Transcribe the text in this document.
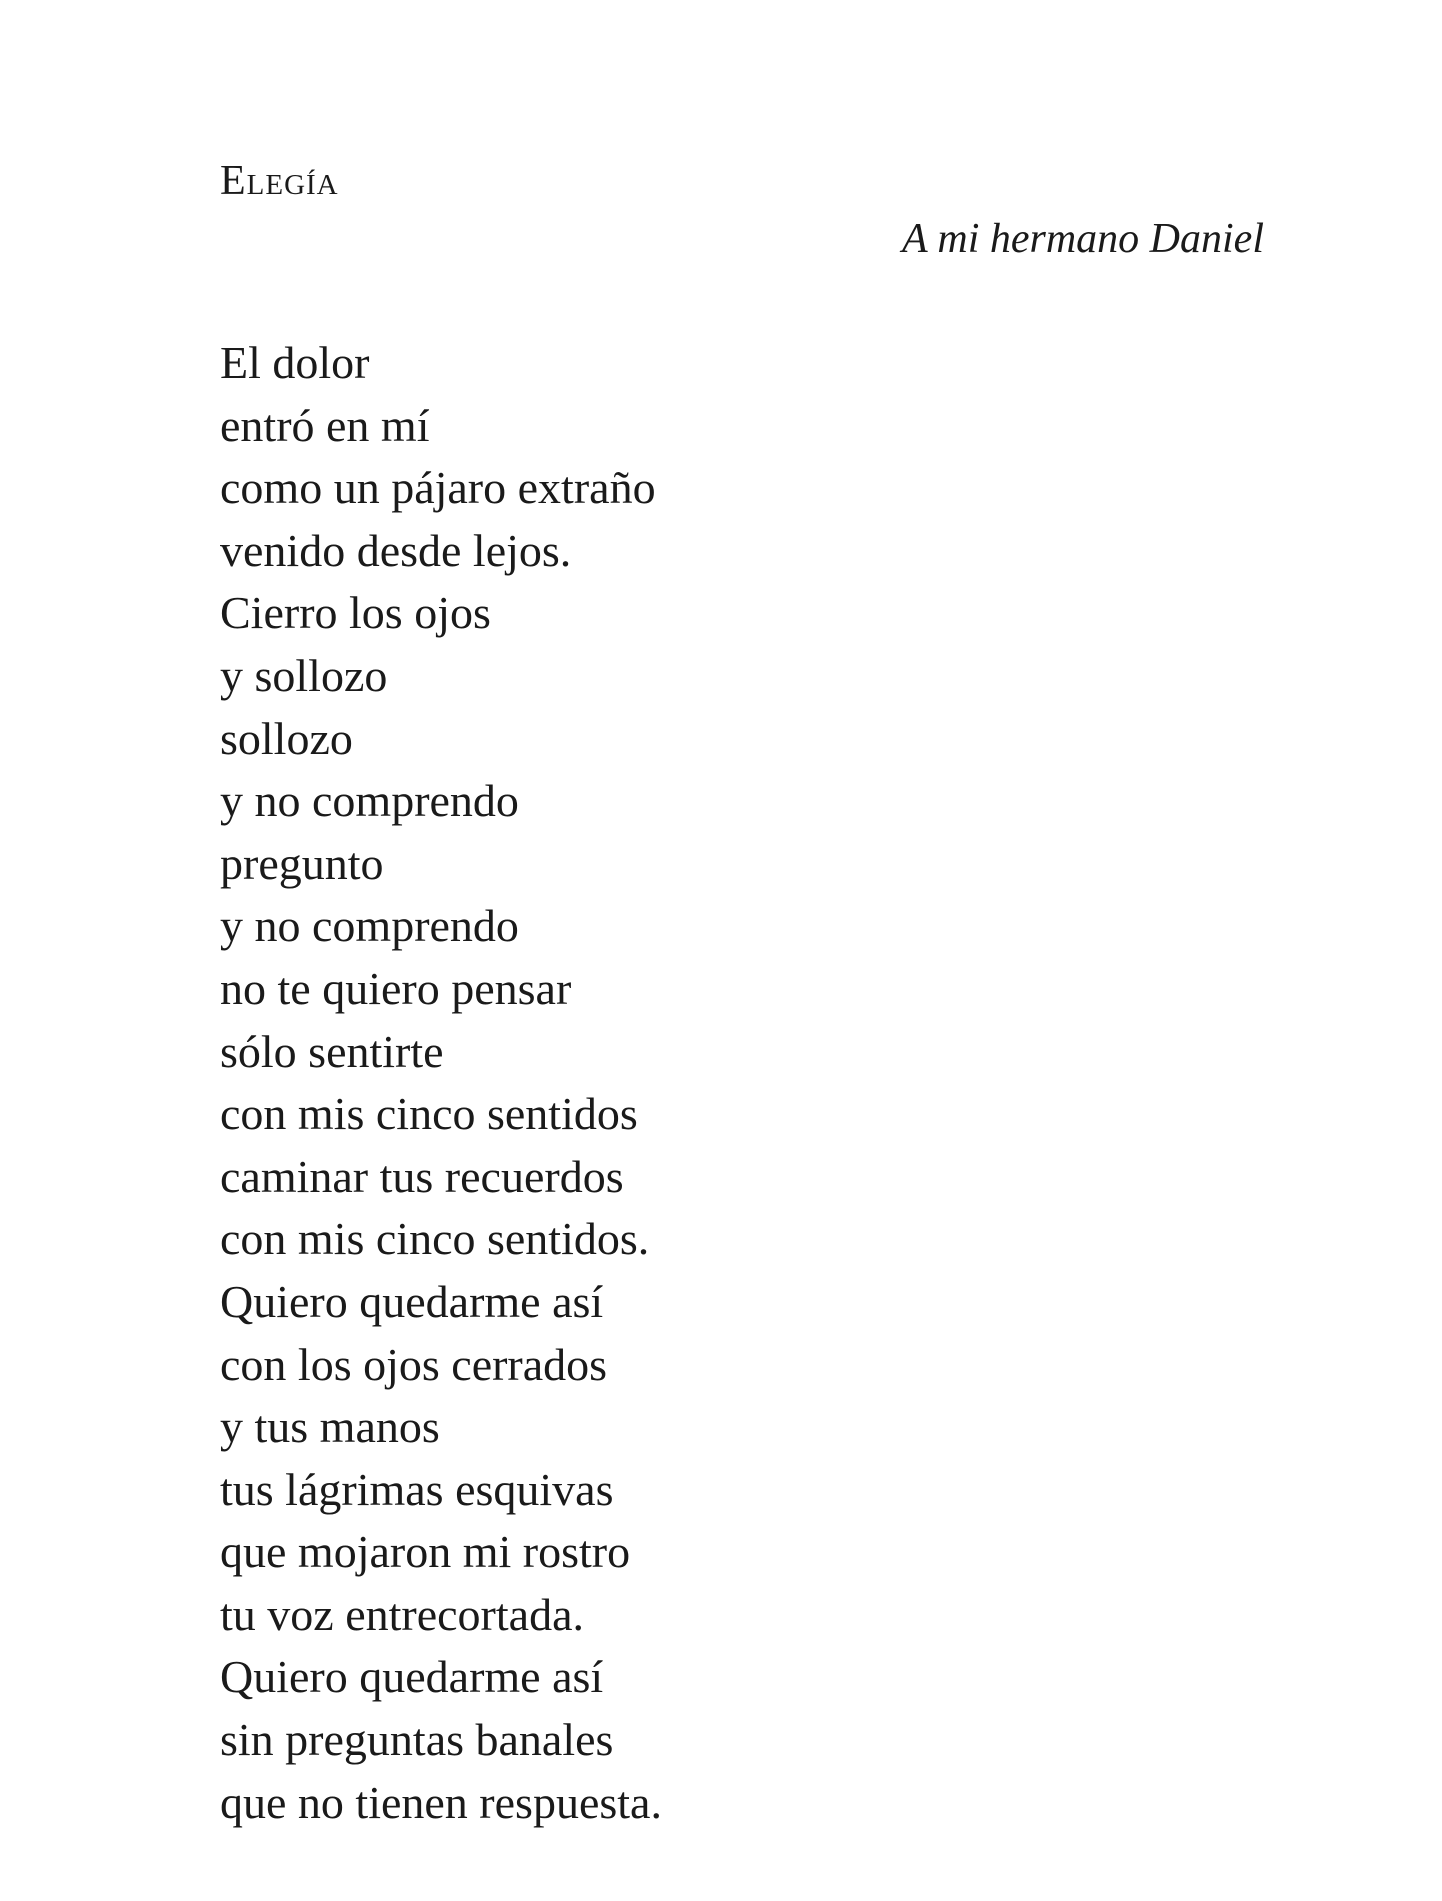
Elegía
A mi hermano Daniel
El dolor
entró en mí
como un pájaro extraño
venido desde lejos.
Cierro los ojos
y sollozo
sollozo
y no comprendo
pregunto
y no comprendo
no te quiero pensar
sólo sentirte
con mis cinco sentidos
caminar tus recuerdos
con mis cinco sentidos.
Quiero quedarme así
con los ojos cerrados
y tus manos
tus lágrimas esquivas
que mojaron mi rostro
tu voz entrecortada.
Quiero quedarme así
sin preguntas banales
que no tienen respuesta.
